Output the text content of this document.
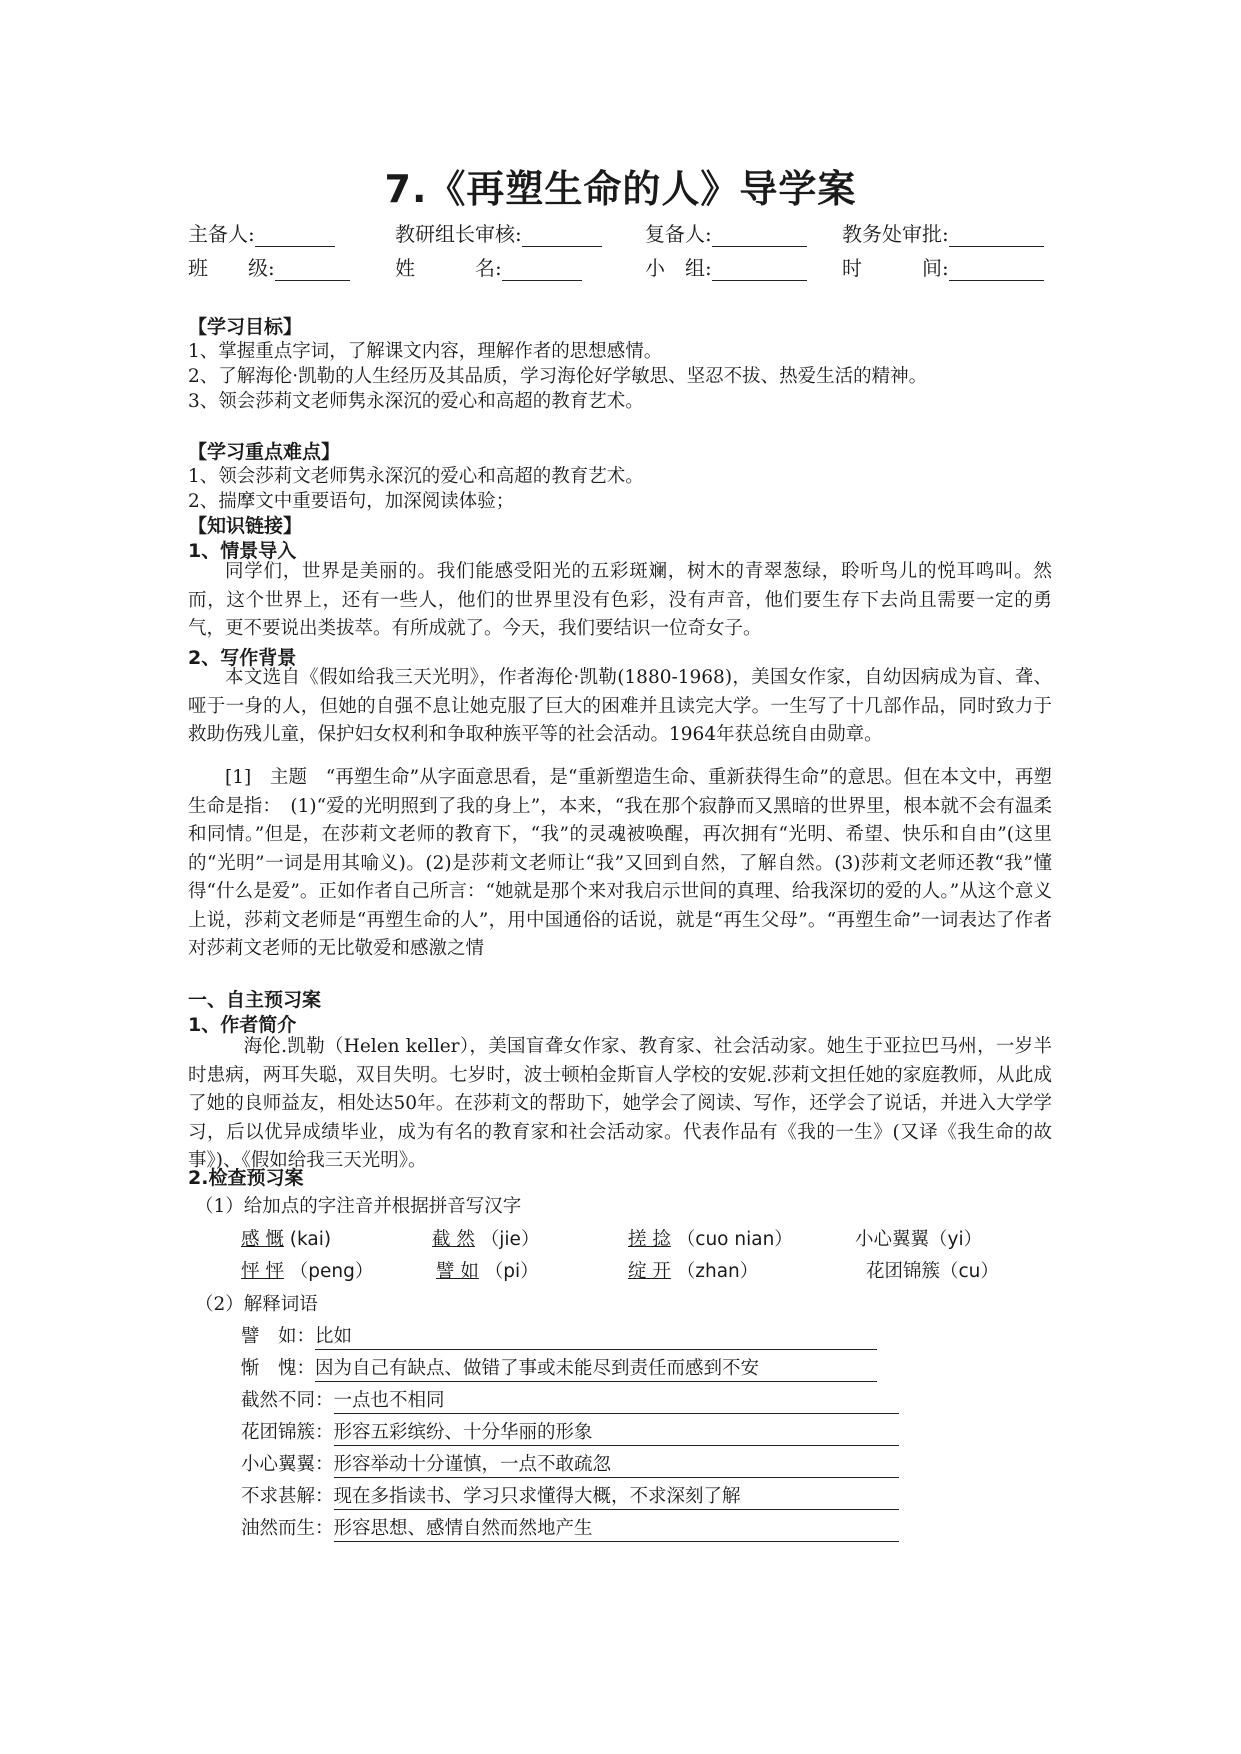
7.《再塑生命的人》导学案
主备人:	教研组长审核:	复备人:	教务处审批:
班　　级:	姓　　　名:	小　组:	时　　　间:
【学习目标】
1、掌握重点字词，了解课文内容，理解作者的思想感情。
2、了解海伦·凯勒的人生经历及其品质，学习海伦好学敏思、坚忍不拔、热爱生活的精神。
3、领会莎莉文老师隽永深沉的爱心和高超的教育艺术。
【学习重点难点】
1、领会莎莉文老师隽永深沉的爱心和高超的教育艺术。
2、揣摩文中重要语句，加深阅读体验；
【知识链接】
1、情景导入
同学们，世界是美丽的。我们能感受阳光的五彩斑斓，树木的青翠葱绿，聆听鸟儿的悦耳鸣叫。然而，这个世界上，还有一些人，他们的世界里没有色彩，没有声音，他们要生存下去尚且需要一定的勇气，更不要说出类拔萃。有所成就了。今天，我们要结识一位奇女子。
2、写作背景
本文选自《假如给我三天光明》，作者海伦·凯勒(1880-1968)，美国女作家，自幼因病成为盲、聋、哑于一身的人，但她的自强不息让她克服了巨大的困难并且读完大学。一生写了十几部作品，同时致力于救助伤残儿童，保护妇女权利和争取种族平等的社会活动。1964年获总统自由勋章。
[1]　主题　“再塑生命”从字面意思看，是“重新塑造生命、重新获得生命”的意思。但在本文中，再塑生命是指：　(1)“爱的光明照到了我的身上”，本来，“我在那个寂静而又黑暗的世界里，根本就不会有温柔和同情。”但是，在莎莉文老师的教育下，“我”的灵魂被唤醒，再次拥有“光明、希望、快乐和自由”(这里的“光明”一词是用其喻义)。(2)是莎莉文老师让“我”又回到自然，了解自然。(3)莎莉文老师还教“我”懂得“什么是爱”。正如作者自己所言：“她就是那个来对我启示世间的真理、给我深切的爱的人。”从这个意义上说，莎莉文老师是“再塑生命的人”，用中国通俗的话说，就是“再生父母”。“再塑生命”一词表达了作者对莎莉文老师的无比敬爱和感激之情
一、自主预习案
1、作者简介
海伦.凯勒（Helen keller），美国盲聋女作家、教育家、社会活动家。她生于亚拉巴马州，一岁半时患病，两耳失聪，双目失明。七岁时，波士顿柏金斯盲人学校的安妮.莎莉文担任她的家庭教师，从此成了她的良师益友，相处达50年。在莎莉文的帮助下，她学会了阅读、写作，还学会了说话，并进入大学学习，后以优异成绩毕业，成为有名的教育家和社会活动家。代表作品有《我的一生》(又译《我生命的故事》)、《假如给我三天光明》。
2.检查预习案
（1）给加点的字注音并根据拼音写汉字
感 慨 (kai)	截 然 （jie）	搓 捻 （cuo nian）	小心翼翼（yi）
怦 怦 （peng）	譬 如 （pi）	绽 开 （zhan）	花团锦簇（cu）
（2）解释词语
譬　如：比如
惭　愧：因为自己有缺点、做错了事或未能尽到责任而感到不安
截然不同：一点也不相同
花团锦簇：形容五彩缤纷、十分华丽的形象
小心翼翼：形容举动十分谨慎，一点不敢疏忽
不求甚解：现在多指读书、学习只求懂得大概，不求深刻了解
油然而生：形容思想、感情自然而然地产生
